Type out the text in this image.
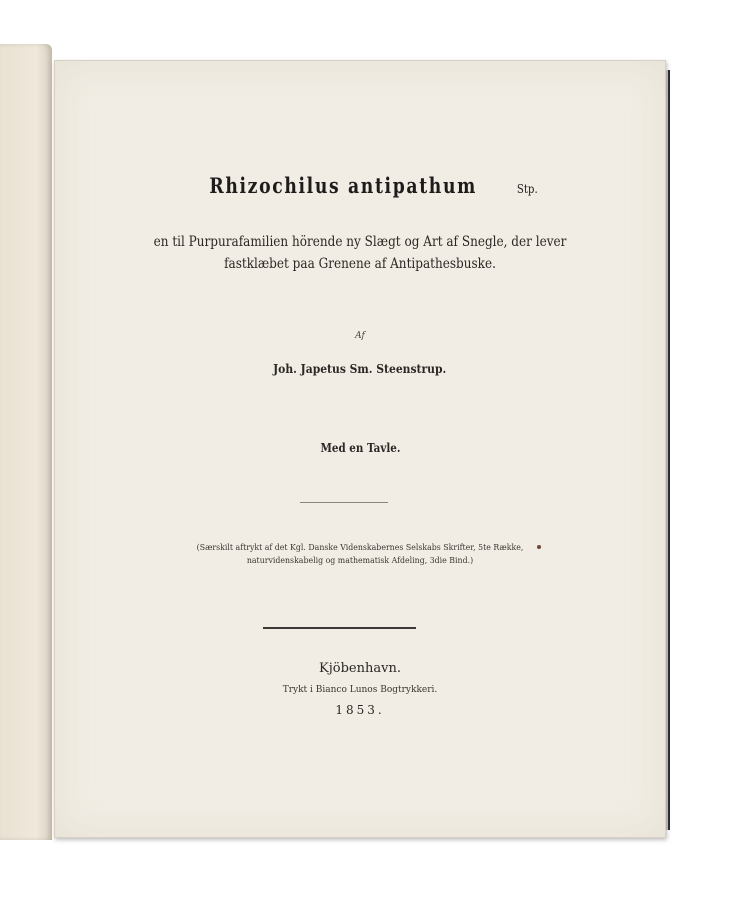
Rhizochilus antipathum	Stp.
en til Purpurafamilien hörende ny Slægt og Art af Snegle, der lever
fastklæbet paa Grenene af Antipathesbuske.
Af
Joh. Japetus Sm. Steenstrup.
Med en Tavle.
(Særskilt aftrykt af det Kgl. Danske Videnskabernes Selskabs Skrifter, 5te Række,
naturvidenskabelig og mathematisk Afdeling, 3die Bind.)
Kjöbenhavn.
Trykt i Bianco Lunos Bogtrykkeri.
1853.
